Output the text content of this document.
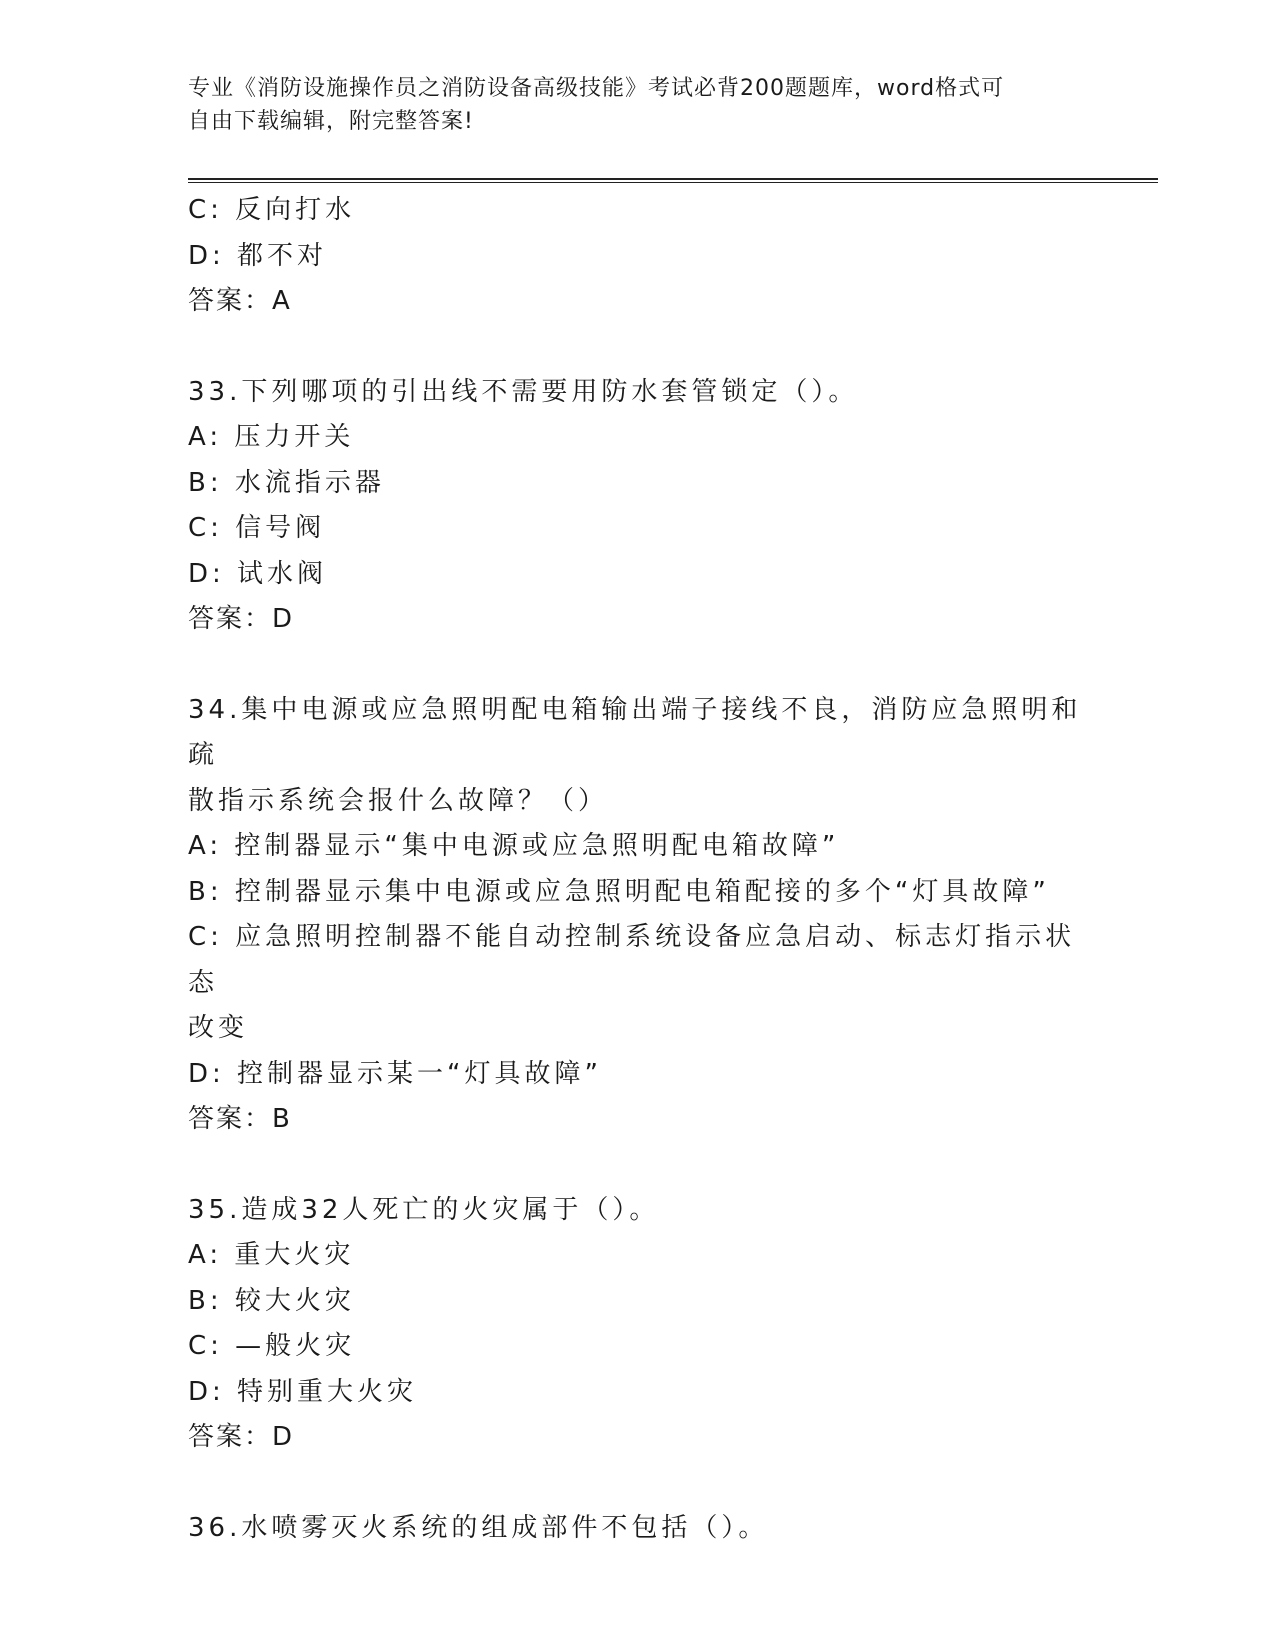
专业《消防设施操作员之消防设备高级技能》考试必背200题题库，word格式可
自由下载编辑，附完整答案!
C: 反向打水
D: 都不对
答案：A
33.下列哪项的引出线不需要用防水套管锁定（）。
A: 压力开关
B: 水流指示器
C: 信号阀
D: 试水阀
答案：D
34.集中电源或应急照明配电箱输出端子接线不良，消防应急照明和疏
散指示系统会报什么故障？（）
A: 控制器显示“集中电源或应急照明配电箱故障”
B: 控制器显示集中电源或应急照明配电箱配接的多个“灯具故障”
C: 应急照明控制器不能自动控制系统设备应急启动、标志灯指示状态
改变
D: 控制器显示某一“灯具故障”
答案：B
35.造成32人死亡的火灾属于（）。
A: 重大火灾
B: 较大火灾
C: —般火灾
D: 特别重大火灾
答案：D
36.水喷雾灭火系统的组成部件不包括（）。
